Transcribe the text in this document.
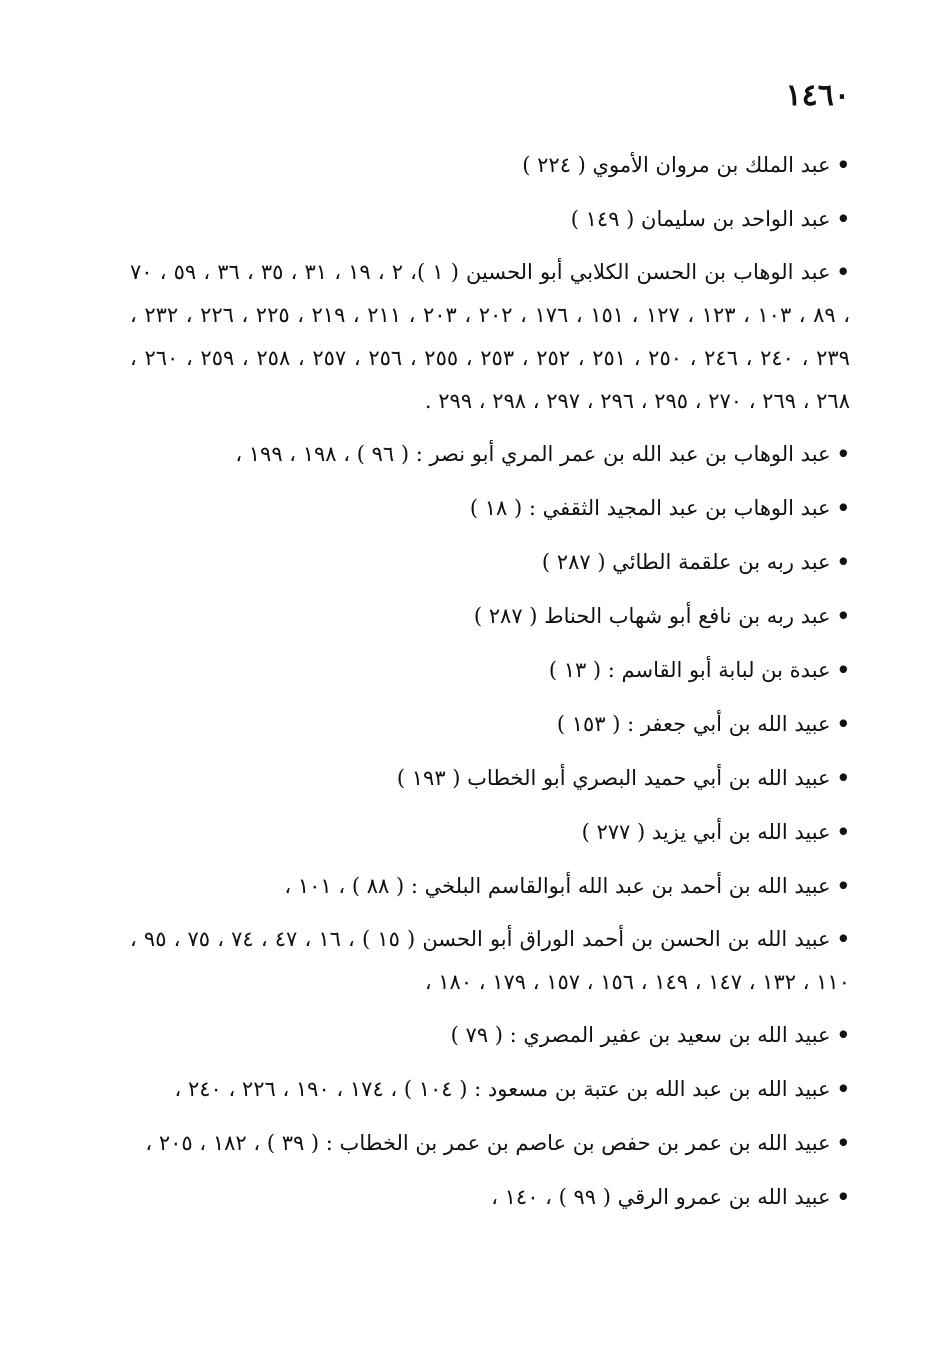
١٤٦٠
•عبد الملك بن مروان الأموي ( ٢٢٤ )
•عبد الواحد بن سليمان ( ١٤٩ )
•عبد الوهاب بن الحسن الكلابي أبو الحسين ( ١ )، ٢ ، ١٩ ، ٣١ ، ٣٥ ، ٣٦ ، ٥٩ ، ٧٠ ، ٨٩ ، ١٠٣ ، ١٢٣ ، ١٢٧ ، ١٥١ ، ١٧٦ ، ٢٠٢ ، ٢٠٣ ، ٢١١ ، ٢١٩ ، ٢٢٥ ، ٢٢٦ ، ٢٣٢ ، ٢٣٩ ، ٢٤٠ ، ٢٤٦ ، ٢٥٠ ، ٢٥١ ، ٢٥٢ ، ٢٥٣ ، ٢٥٥ ، ٢٥٦ ، ٢٥٧ ، ٢٥٨ ، ٢٥٩ ، ٢٦٠ ، ٢٦٨ ، ٢٦٩ ، ٢٧٠ ، ٢٩٥ ، ٢٩٦ ، ٢٩٧ ، ٢٩٨ ، ٢٩٩ .
•عبد الوهاب بن عبد الله بن عمر المري أبو نصر : ( ٩٦ ) ، ١٩٨ ، ١٩٩ ،
•عبد الوهاب بن عبد المجيد الثقفي : ( ١٨ )
•عبد ربه بن علقمة الطائي ( ٢٨٧ )
•عبد ربه بن نافع أبو شهاب الحناط ( ٢٨٧ )
•عبدة بن لبابة أبو القاسم : ( ١٣ )
•عبيد الله بن أبي جعفر : ( ١٥٣ )
•عبيد الله بن أبي حميد البصري أبو الخطاب ( ١٩٣ )
•عبيد الله بن أبي يزيد ( ٢٧٧ )
•عبيد الله بن أحمد بن عبد الله أبوالقاسم البلخي : ( ٨٨ ) ، ١٠١ ،
•عبيد الله بن الحسن بن أحمد الوراق أبو الحسن ( ١٥ ) ، ١٦ ، ٤٧ ، ٧٤ ، ٧٥ ، ٩٥ ، ١١٠ ، ١٣٢ ، ١٤٧ ، ١٤٩ ، ١٥٦ ، ١٥٧ ، ١٧٩ ، ١٨٠ ،
•عبيد الله بن سعيد بن عفير المصري : ( ٧٩ )
•عبيد الله بن عبد الله بن عتبة بن مسعود : ( ١٠٤ ) ، ١٧٤ ، ١٩٠ ، ٢٢٦ ، ٢٤٠ ،
•عبيد الله بن عمر بن حفص بن عاصم بن عمر بن الخطاب : ( ٣٩ ) ، ١٨٢ ، ٢٠٥ ،
•عبيد الله بن عمرو الرقي ( ٩٩ ) ، ١٤٠ ،
